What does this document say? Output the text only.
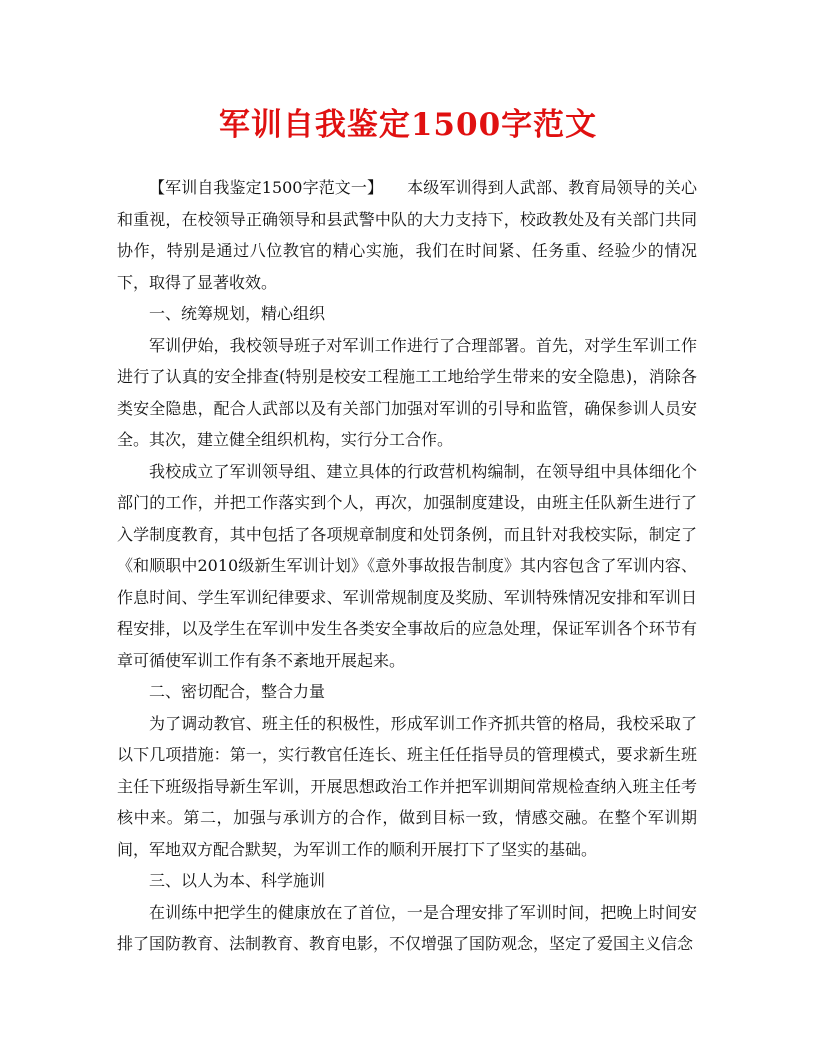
军训自我鉴定1500字范文

【军训自我鉴定1500字范文一】 本级军训得到人武部、教育局领导的关心和重视，在校领导正确领导和县武警中队的大力支持下，校政教处及有关部门共同协作，特别是通过八位教官的精心实施，我们在时间紧、任务重、经验少的情况下，取得了显著收效。

一、统筹规划，精心组织

军训伊始，我校领导班子对军训工作进行了合理部署。首先，对学生军训工作进行了认真的安全排查(特别是校安工程施工工地给学生带来的安全隐患)，消除各类安全隐患，配合人武部以及有关部门加强对军训的引导和监管，确保参训人员安全。其次，建立健全组织机构，实行分工合作。

我校成立了军训领导组、建立具体的行政营机构编制，在领导组中具体细化个部门的工作，并把工作落实到个人，再次，加强制度建设，由班主任队新生进行了入学制度教育，其中包括了各项规章制度和处罚条例，而且针对我校实际，制定了《和顺职中2010级新生军训计划》《意外事故报告制度》其内容包含了军训内容、作息时间、学生军训纪律要求、军训常规制度及奖励、军训特殊情况安排和军训日程安排，以及学生在军训中发生各类安全事故后的应急处理，保证军训各个环节有章可循使军训工作有条不紊地开展起来。

二、密切配合，整合力量

为了调动教官、班主任的积极性，形成军训工作齐抓共管的格局，我校采取了以下几项措施：第一，实行教官任连长、班主任任指导员的管理模式，要求新生班主任下班级指导新生军训，开展思想政治工作并把军训期间常规检查纳入班主任考核中来。第二，加强与承训方的合作，做到目标一致，情感交融。在整个军训期间，军地双方配合默契，为军训工作的顺利开展打下了坚实的基础。

三、以人为本、科学施训

在训练中把学生的健康放在了首位，一是合理安排了军训时间，把晚上时间安排了国防教育、法制教育、教育电影，不仅增强了国防观念，坚定了爱国主义信念
